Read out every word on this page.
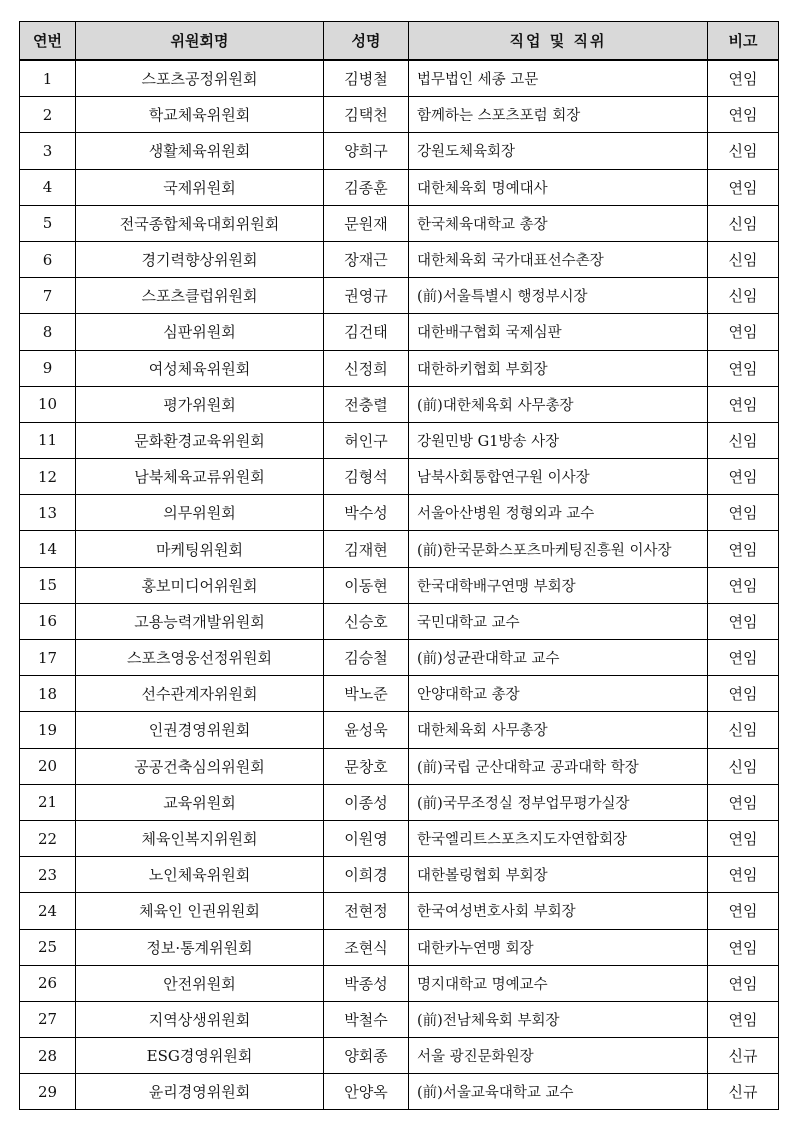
연번	위원회명	성명	직업 및 직위	비고
1	스포츠공정위원회	김병철	법무법인 세종 고문	연임
2	학교체육위원회	김택천	함께하는 스포츠포럼 회장	연임
3	생활체육위원회	양희구	강원도체육회장	신임
4	국제위원회	김종훈	대한체육회 명예대사	연임
5	전국종합체육대회위원회	문원재	한국체육대학교 총장	신임
6	경기력향상위원회	장재근	대한체육회 국가대표선수촌장	신임
7	스포츠클럽위원회	권영규	(前)서울특별시 행정부시장	신임
8	심판위원회	김건태	대한배구협회 국제심판	연임
9	여성체육위원회	신정희	대한하키협회 부회장	연임
10	평가위원회	전충렬	(前)대한체육회 사무총장	연임
11	문화환경교육위원회	허인구	강원민방 G1방송 사장	신임
12	남북체육교류위원회	김형석	남북사회통합연구원 이사장	연임
13	의무위원회	박수성	서울아산병원 정형외과 교수	연임
14	마케팅위원회	김재현	(前)한국문화스포츠마케팅진흥원 이사장	연임
15	홍보미디어위원회	이동현	한국대학배구연맹 부회장	연임
16	고용능력개발위원회	신승호	국민대학교 교수	연임
17	스포츠영웅선정위원회	김승철	(前)성균관대학교 교수	연임
18	선수관계자위원회	박노준	안양대학교 총장	연임
19	인권경영위원회	윤성욱	대한체육회 사무총장	신임
20	공공건축심의위원회	문창호	(前)국립 군산대학교 공과대학 학장	신임
21	교육위원회	이종성	(前)국무조정실 정부업무평가실장	연임
22	체육인복지위원회	이원영	한국엘리트스포츠지도자연합회장	연임
23	노인체육위원회	이희경	대한볼링협회 부회장	연임
24	체육인 인권위원회	전현정	한국여성변호사회 부회장	연임
25	정보·통계위원회	조현식	대한카누연맹 회장	연임
26	안전위원회	박종성	명지대학교 명예교수	연임
27	지역상생위원회	박철수	(前)전남체육회 부회장	연임
28	ESG경영위원회	양회종	서울 광진문화원장	신규
29	윤리경영위원회	안양옥	(前)서울교육대학교 교수	신규
